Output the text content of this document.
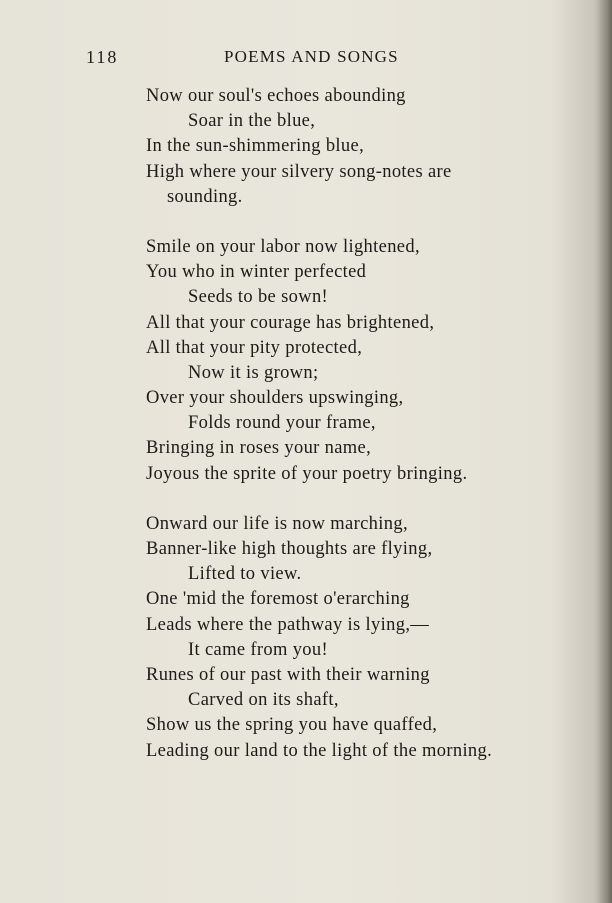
118	POEMS AND SONGS
Now our soul's echoes abounding
Soar in the blue,
In the sun-shimmering blue,
High where your silvery song-notes are
sounding.
Smile on your labor now lightened,
You who in winter perfected
Seeds to be sown!
All that your courage has brightened,
All that your pity protected,
Now it is grown;
Over your shoulders upswinging,
Folds round your frame,
Bringing in roses your name,
Joyous the sprite of your poetry bringing.
Onward our life is now marching,
Banner-like high thoughts are flying,
Lifted to view.
One 'mid the foremost o'erarching
Leads where the pathway is lying,—
It came from you!
Runes of our past with their warning
Carved on its shaft,
Show us the spring you have quaffed,
Leading our land to the light of the morning.
